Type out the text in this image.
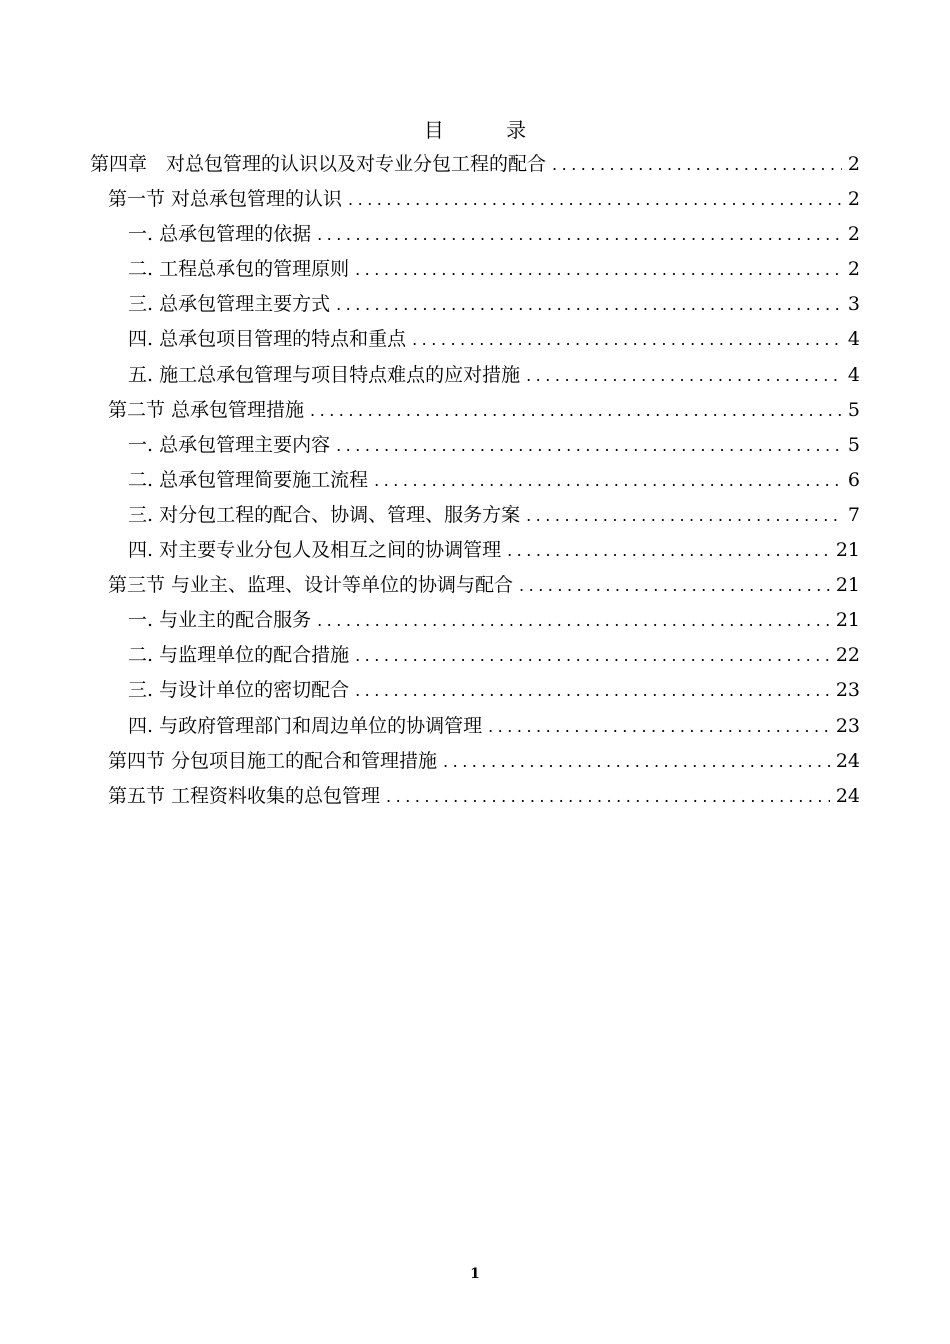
目 录
第四章　对总包管理的认识以及对专业分包工程的配合 .....	2
第一节 对总承包管理的认识 .....	2
一. 总承包管理的依据 .....	2
二. 工程总承包的管理原则 .....	2
三. 总承包管理主要方式 .....	3
四. 总承包项目管理的特点和重点 .....	4
五. 施工总承包管理与项目特点难点的应对措施 .....	4
第二节 总承包管理措施 .....	5
一. 总承包管理主要内容 .....	5
二. 总承包管理简要施工流程 .....	6
三. 对分包工程的配合、协调、管理、服务方案 .....	7
四. 对主要专业分包人及相互之间的协调管理 .....	21
第三节 与业主、监理、设计等单位的协调与配合 .....	21
一. 与业主的配合服务 .....	21
二. 与监理单位的配合措施 .....	22
三. 与设计单位的密切配合 .....	23
四. 与政府管理部门和周边单位的协调管理 .....	23
第四节 分包项目施工的配合和管理措施 .....	24
第五节 工程资料收集的总包管理 .....	24
1
